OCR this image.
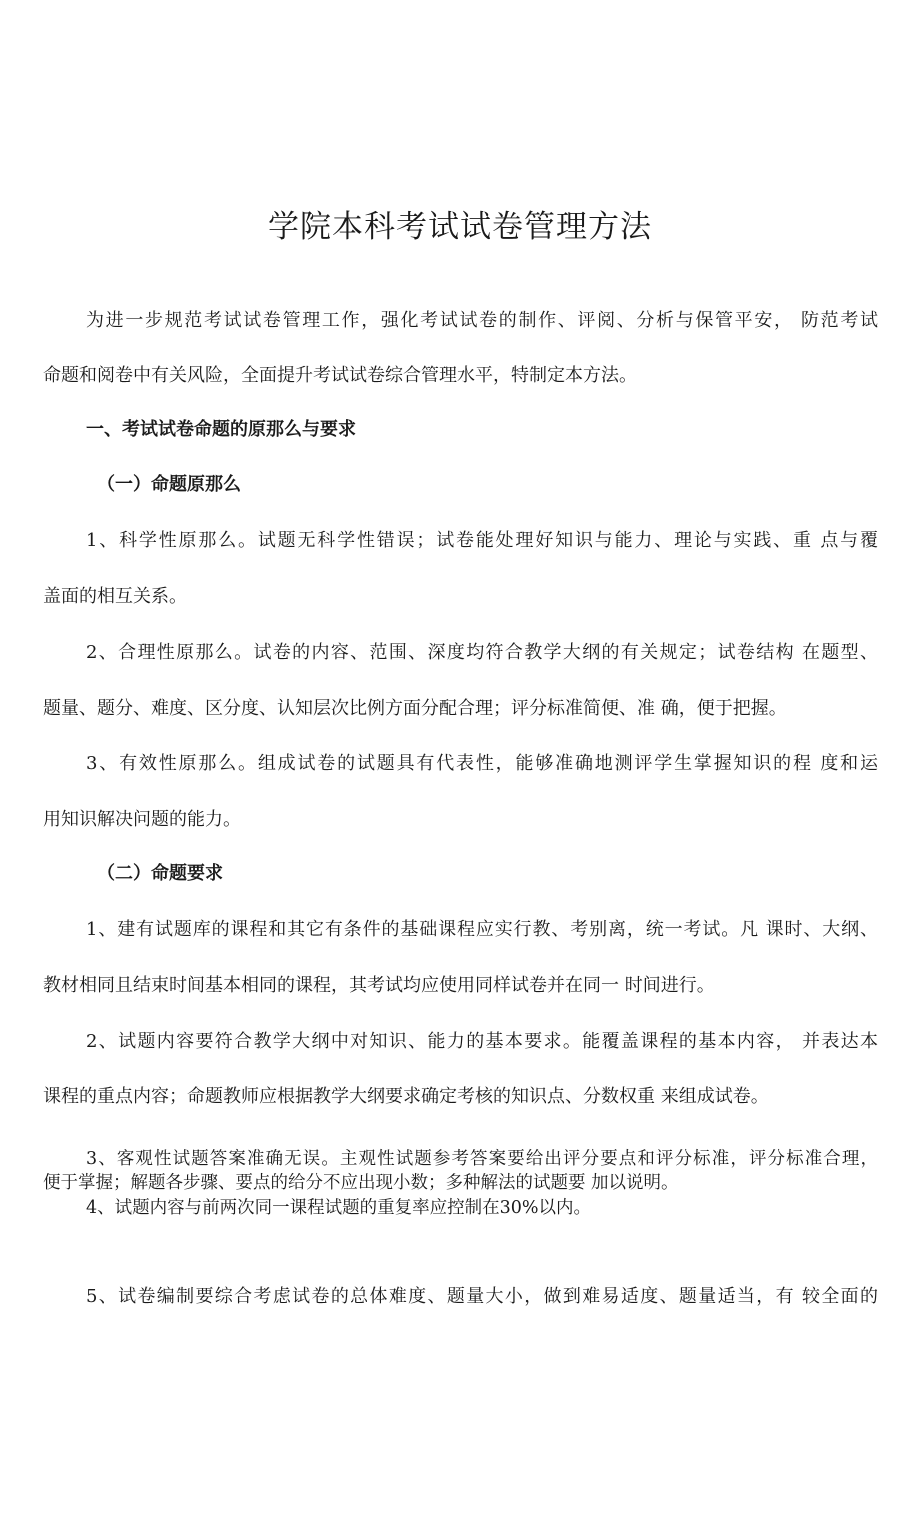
学院本科考试试卷管理方法
为进一步规范考试试卷管理工作，强化考试试卷的制作、评阅、分析与保管平安， 防范考试
命题和阅卷中有关风险，全面提升考试试卷综合管理水平，特制定本方法。
一、考试试卷命题的原那么与要求
（一）命题原那么
1、科学性原那么。试题无科学性错误；试卷能处理好知识与能力、理论与实践、重 点与覆
盖面的相互关系。
2、合理性原那么。试卷的内容、范围、深度均符合教学大纲的有关规定；试卷结构 在题型、
题量、题分、难度、区分度、认知层次比例方面分配合理；评分标准简便、准 确，便于把握。
3、有效性原那么。组成试卷的试题具有代表性，能够准确地测评学生掌握知识的程 度和运
用知识解决问题的能力。
（二）命题要求
1、建有试题库的课程和其它有条件的基础课程应实行教、考别离，统一考试。凡 课时、大纲、
教材相同且结束时间基本相同的课程，其考试均应使用同样试卷并在同一 时间进行。
2、试题内容要符合教学大纲中对知识、能力的基本要求。能覆盖课程的基本内容， 并表达本
课程的重点内容；命题教师应根据教学大纲要求确定考核的知识点、分数权重 来组成试卷。
3、客观性试题答案准确无误。主观性试题参考答案要给出评分要点和评分标准，评分标准合理，
便于掌握；解题各步骤、要点的给分不应出现小数；多种解法的试题要 加以说明。
4、试题内容与前两次同一课程试题的重复率应控制在30%以内。
5、试卷编制要综合考虑试卷的总体难度、题量大小，做到难易适度、题量适当，有 较全面的
